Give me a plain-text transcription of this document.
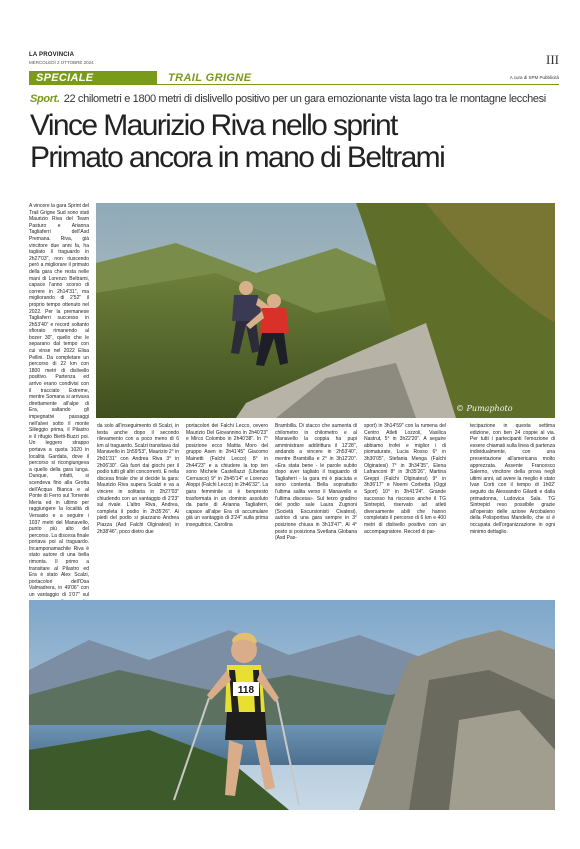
LA PROVINCIA
MERCOLEDÌ 2 OTTOBRE 2024	III
SPECIALE	TRAIL GRIGNE	A cura di SPM Pubblicità
Sport. 22 chilometri e 1800 metri di dislivello positivo per un gara emozionante vista lago tra le montagne lecchesi
Vince Maurizio Riva nello sprint
Primato ancora in mano di Beltrami
A vincere la gara Sprint del Trail Grigne Sud sono stati Maurizio Riva del Team Pasturo e Arianna Tagliaferri dell'Asd Premana. Riva, già vincitore due anni fa, ha tagliato il traguardo in 2h27'03", non riuscendo però a migliorare il primato della gara che resta nelle mani di Lorenzo Beltrami, capace l'anno scorso di correre in 2h14'31", ma migliorando di 2'52" il proprio tempo ottenuto nel 2022. Per la premanese Tagliaferri successo in 2h53'40" e record soltanto sfiorato rimanendo al bozer 30", quello che le separano dal tempo con cui vinse nel 2022 Elisa Pellini. Da completare un percorso di 22 km con 1800 metri di dislivello positivo. Partenza ed arrivo erano condivisi con il tracciato Extreme, mentre Somana si arrivava direttamente all'alpe di Era, saltando gli impegnativi passaggi nell'alvei sotto il monte Siileggio prima, il Pilastro e il rifugio Bietti-Buzzi poi. Un leggero strappo portava a quota 1020 in località Gardata, dove il percorso si ricongiungeva a quello della gara lunga. Dunque, infatti, si scendeva fino alla Grotta dell'Acqua Bianca e al Ponte di Ferro sul Torrente Meria ed in ultimo per raggiungere la località di Versasio e a seguire i 1037 metri del Manavello, punto più alto del percorso. La discesa finale portava poi al traguardo. Incamponamachile Riva è stato autore di una bella rimonta. Il primo a transitare al Pilastro ed Era è stato Alex Scalzi, portacolori dell'Osa Valmadrera, in 49'06" con un vantaggio di 1'07" sul
© Pumaphoto
da solo all'inseguimento di Scalzi, in testa anche dopo il secondo rilevamento con a poco meno di 6 km al traguardo. Scalzi transitava dal Manavello in 1h59'53", Maurizio 2° in 2h01'31" con Andrea Riva 3° in 2h06'30". Già fuori dai giochi per il podio tutti gli altri concorrenti. E nella discesa finale che si decide la gara: Maurizio Riva supera Scalzi e va a vincere in solitaria in 2h27'03" chiudendo con un vantaggio di 2'23" sul rivale. L'altro Riva, Andrea, completa il podio in 2h35'26". Ai piedi del podio si piazzano Andrea Piazza (Asd Falchi Olginatesi) in 2h38'46", poco dietro due
portacolori dei Falchi Lecco, ovvero Maurizio Del Giovannino in 2h40'23" e Mirco Colombo in 2h40'38". In 7° posizione ecco Mattia Moro del gruppo Asen in 2h41'45" Giacomo Mainetti (Falchi Lecco) 8° in 2h44'23" e a chiudere la top ten sono Michele Castellazzi (Libertas Cernusco) 9° in 2h45'14" e Lorenzo Aloppi (Falchi Lecco) in 2h46'32". La gara femminile si è benpresto trasformata in un dominio assoluto da parte di Arianna Tagliaferri, capace all'alpe Era di accumulare già un vantaggio di 3'24" sulla prima inseguitrice, Carolina
Brambilla. Di stacco che aumenta di chilometro in chilometro e al Manavello la coppia ha pupi amministrare addirittura il 12'28", andando a vincere in 2h53'40", mentre Brambilla e 2° in 3h12'20". «Era stata bene - le parole subito dopo aver tagliato il traguardo di Tagliaferri - la gara mi è piaciuta e sono contenta. Bella soprattutto l'ultima salita verso il Manavello e l'ultima discesa». Sul terzo gradino del podio sale Laura Zugnoni (Società Escursionisti Civatesi), autrice di una gara sempre in 3° posizione chiusa in 3h13'47". Al 4° posto si posiziona Svetlana Globana (Asd Pas-
sport) in 3h14'59" con la rumena del Centro Atleti Lozzoli, Vasilica Nastrut, 5° in 3h22'20". A seguire abbiamo trofei e miglior i di piomaturate, Lucia Rosso 6° in 3h30'05", Stefania Menga (Falchi Olginatesi) 7° in 3h34'35", Elena Lafranconi 8° in 3h35'26", Martina Greppi (Falchi Olginatesi) 9° in 3h36'17" e Noemi Corbetta (Oggi Sport) 10° in 3h41'24". Grande successo ha riscosso anche il TG Sintrepid, riservato ad atleti diversamente abili che hanno completato il percorso di 6 km e 400 metri di dislivello positivo con un accompagnatore. Record di par-
tecipazione in questa settima edizione, con ben 24 coppie al via. Per tutti i partecipanti l'emozione di essere chiamati sulla linea di partenza individualmente, con una presentazione all'americana molto apprezzata. Assente Francesco Salerno, vincitore della prova negli ultimi anni, ad avere la meglio è stato Ivan Corti con il tempo di 1h02' seguito da Alessandro Gilardi e dalla primadonna, Ludovica Sala. TG Sintrepid reso possibile grazie all'operato delle azione Arcobaleno della Polisportiva Mandello, che si è occupata dell'organizzazione in ogni minimo dettaglio.
118
